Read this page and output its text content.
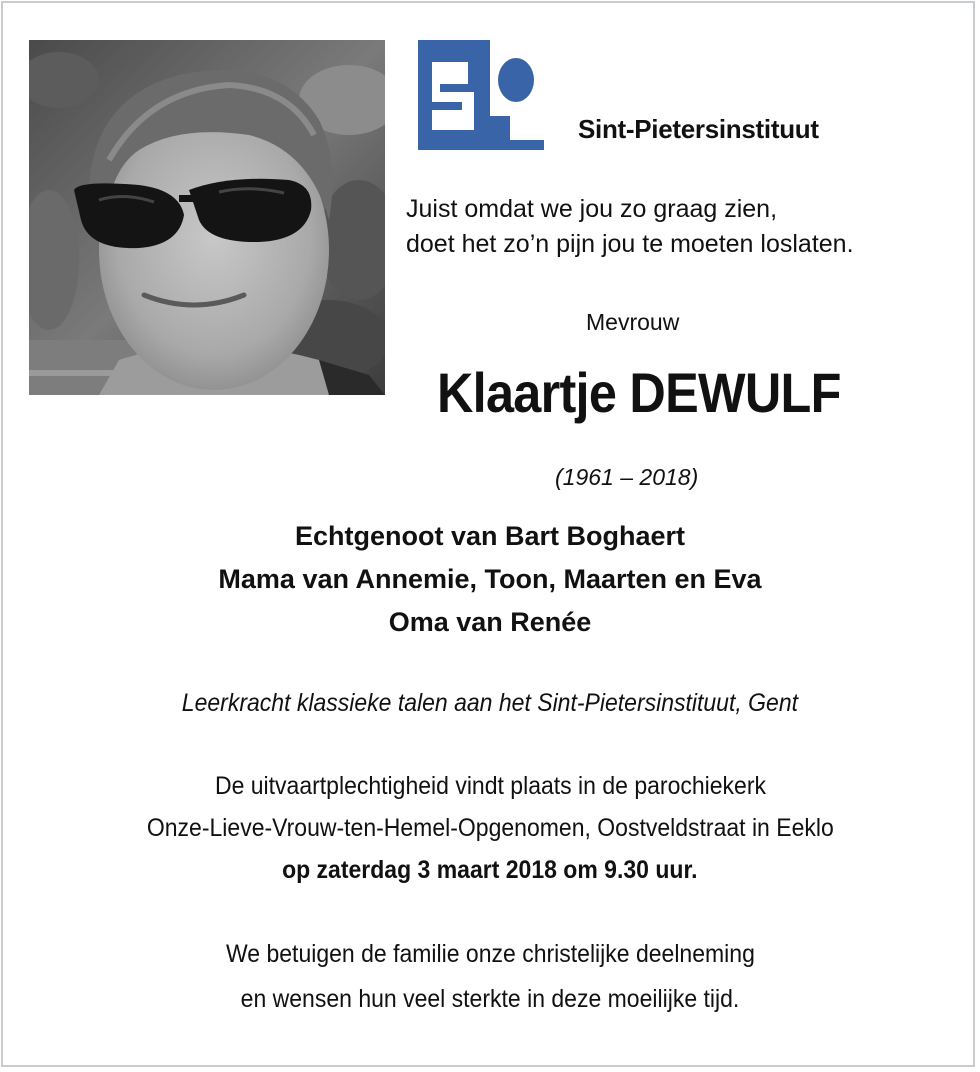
Sint-Pietersinstituut
Juist omdat we jou zo graag zien,
doet het zo’n pijn jou te moeten loslaten.
Mevrouw
Klaartje DEWULF
(1961 – 2018)
Echtgenoot van Bart Boghaert
Mama van Annemie, Toon, Maarten en Eva
Oma van Renée
Leerkracht klassieke talen aan het Sint-Pietersinstituut, Gent
De uitvaartplechtigheid vindt plaats in de parochiekerk
Onze-Lieve-Vrouw-ten-Hemel-Opgenomen, Oostveldstraat in Eeklo
op zaterdag 3 maart 2018 om 9.30 uur.
We betuigen de familie onze christelijke deelneming
en wensen hun veel sterkte in deze moeilijke tijd.
